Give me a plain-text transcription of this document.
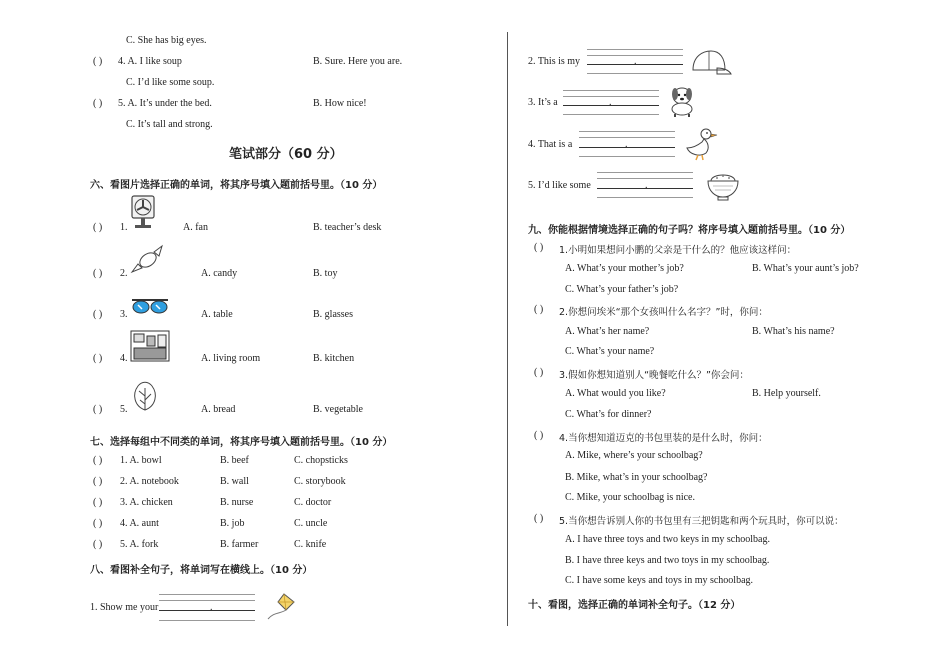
C. She has big eyes.
( ) 4. A. I like soup	B. Sure. Here you are.
C. I’d like some soup.
( ) 5. A. It’s under the bed.	B. How nice!
C. It’s tall and strong.
笔试部分（60 分）
六、看图片选择正确的单词，将其序号填入题前括号里。（10 分）
( ) 1.	A. fan	B. teacher’s desk
( ) 2.	A. candy	B. toy
( ) 3.	A. table	B. glasses
( ) 4.	A. living room	B. kitchen
( ) 5.	A. bread	B. vegetable
七、选择每组中不同类的单词，将其序号填入题前括号里。（10 分）
( ) 1. A. bowl	B. beef	C. chopsticks
( ) 2. A. notebook	B. wall	C. storybook
( ) 3. A. chicken	B. nurse	C. doctor
( ) 4. A. aunt	B. job	C. uncle
( ) 5. A. fork	B. farmer	C. knife
八、看图补全句子，将单词写在横线上。（10 分）
1. Show me your	.
2. This is my	.
3. It’s a	.
4. That is a	.
5. I’d like some	.
九、你能根据情境选择正确的句子吗？将序号填入题前括号里。（10 分）
( ) 1.小明如果想问小鹏的父亲是干什么的？他应该这样问：
A. What’s your mother’s job?	B. What’s your aunt’s job?
C. What’s your father’s job?
( ) 2.你想问埃米“那个女孩叫什么名字？”时，你问：
A. What’s her name?	B. What’s his name?
C. What’s your name?
( ) 3.假如你想知道别人“晚餐吃什么？”你会问：
A. What would you like?	B. Help yourself.
C. What’s for dinner?
( ) 4.当你想知道迈克的书包里装的是什么时，你问：
A. Mike, where’s your schoolbag?
B. Mike, what’s in your schoolbag?
C. Mike, your schoolbag is nice.
( ) 5.当你想告诉别人你的书包里有三把钥匙和两个玩具时，你可以说：
A. I have three toys and two keys in my schoolbag.
B. I have three keys and two toys in my schoolbag.
C. I have some keys and toys in my schoolbag.
十、看图，选择正确的单词补全句子。（12 分）
